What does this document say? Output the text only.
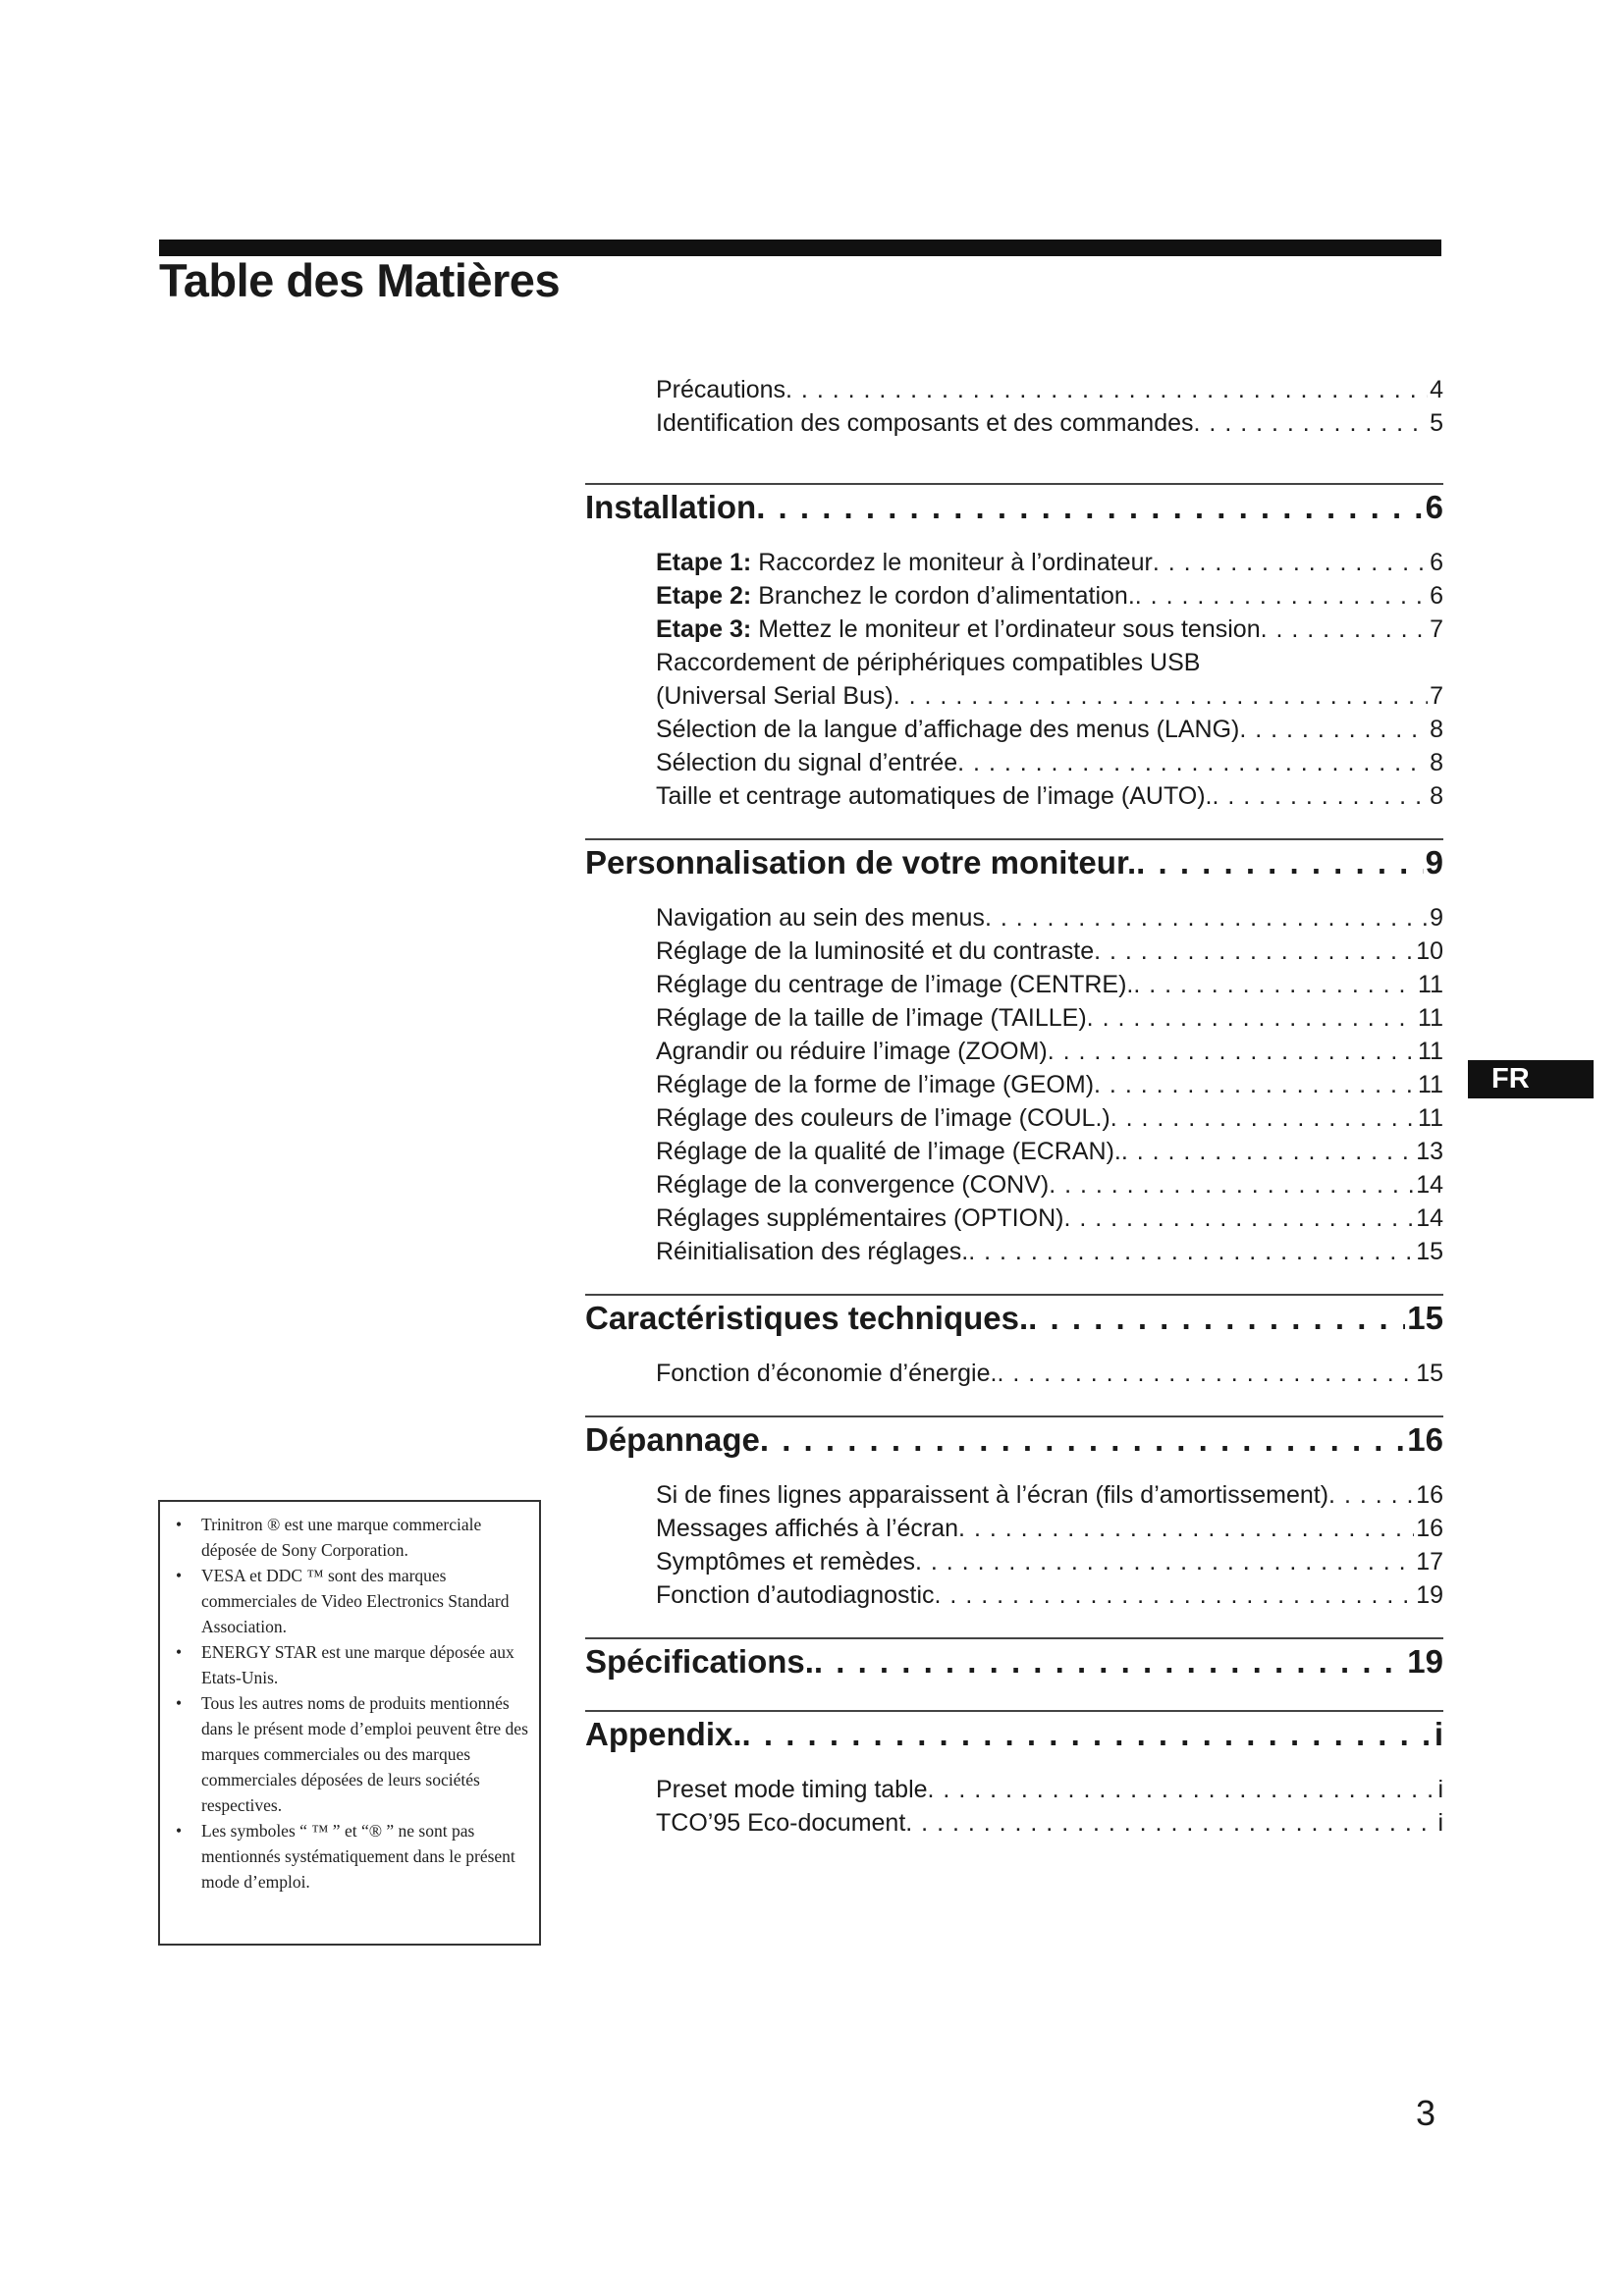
Table des Matières
Précautions . . .	4
Identification des composants et des commandes . . .	5
Installation . . .	6
Etape 1: Raccordez le moniteur à l’ordinateur . . .	6
Etape 2: Branchez le cordon d’alimentation. . . .	6
Etape 3: Mettez le moniteur et l’ordinateur sous tension . . .	7
Raccordement de périphériques compatibles USB
(Universal Serial Bus) . . .	7
Sélection de la langue d’affichage des menus (LANG) . . .	8
Sélection du signal d’entrée . . .	8
Taille et centrage automatiques de l’image (AUTO). . . .	8
Personnalisation de votre moniteur. . . .	9
Navigation au sein des menus . . .	9
Réglage de la luminosité et du contraste . . .	10
Réglage du centrage de l’image (CENTRE). . . .	11
Réglage de la taille de l’image (TAILLE) . . .	11
Agrandir ou réduire l’image (ZOOM) . . .	11
Réglage de la forme de l’image (GEOM) . . .	11
Réglage des couleurs de l’image (COUL.) . . .	11
Réglage de la qualité de l’image (ECRAN). . . .	13
Réglage de la convergence (CONV) . . .	14
Réglages supplémentaires (OPTION) . . .	14
Réinitialisation des réglages. . . .	15
Caractéristiques techniques. . . .	15
Fonction d’économie d’énergie. . . .	15
Dépannage . . .	16
Si de fines lignes apparaissent à l’écran (fils d’amortissement) . . .	16
Messages affichés à l’écran . . .	16
Symptômes et remèdes . . .	17
Fonction d’autodiagnostic . . .	19
Spécifications. . . .	19
Appendix. . . .	i
Preset mode timing table . . .	i
TCO’95 Eco-document . . .	i
FR
• Trinitron ® est une marque commerciale déposée de Sony Corporation.
• VESA et DDC ™ sont des marques commerciales de Video Electronics Standard Association.
• ENERGY STAR est une marque déposée aux Etats-Unis.
• Tous les autres noms de produits mentionnés dans le présent mode d’emploi peuvent être des marques commerciales ou des marques commerciales déposées de leurs sociétés respectives.
• Les symboles “ ™ ” et “® ” ne sont pas mentionnés systématiquement dans le présent mode d’emploi.
3
